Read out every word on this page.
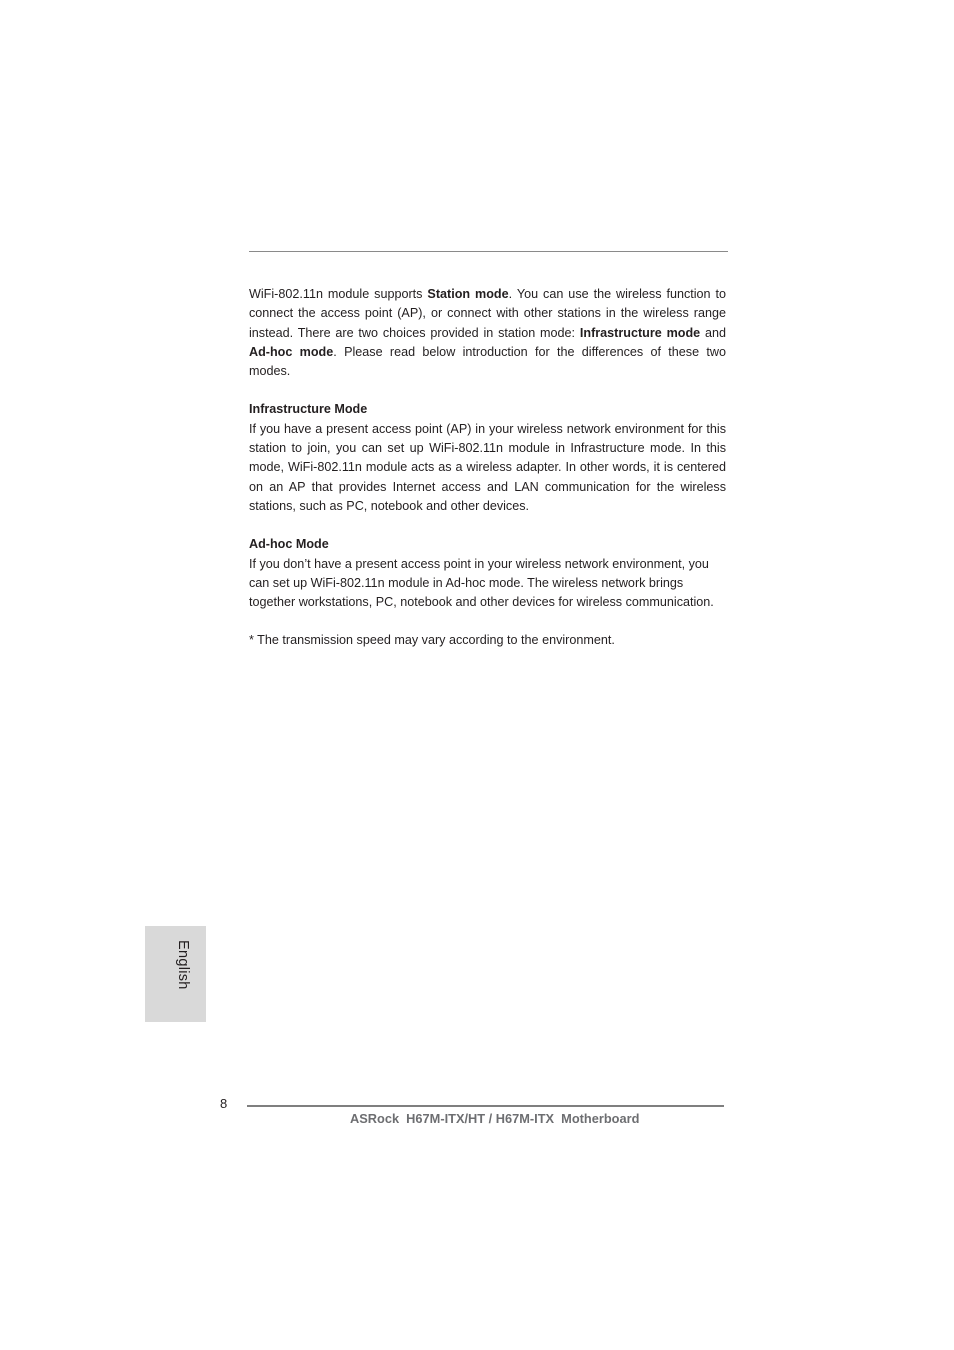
WiFi-802.11n module supports Station mode. You can use the wireless function to connect the access point (AP), or connect with other stations in the wireless range instead. There are two choices provided in station mode: Infrastructure mode and Ad-hoc mode. Please read below introduction for the differences of these two modes.

Infrastructure Mode

If you have a present access point (AP) in your wireless network environment for this station to join, you can set up WiFi-802.11n module in Infrastructure mode. In this mode, WiFi-802.11n module acts as a wireless adapter. In other words, it is centered on an AP that provides Internet access and LAN communication for the wireless stations, such as PC, notebook and other devices.

Ad-hoc Mode

If you don’t have a present access point in your wireless network environment, you

can set up WiFi-802.11n module in Ad-hoc mode. The wireless network brings

together workstations, PC, notebook and other devices for wireless communication.

* The transmission speed may vary according to the environment.

English
8
ASRock  H67M-ITX/HT / H67M-ITX  Motherboard
